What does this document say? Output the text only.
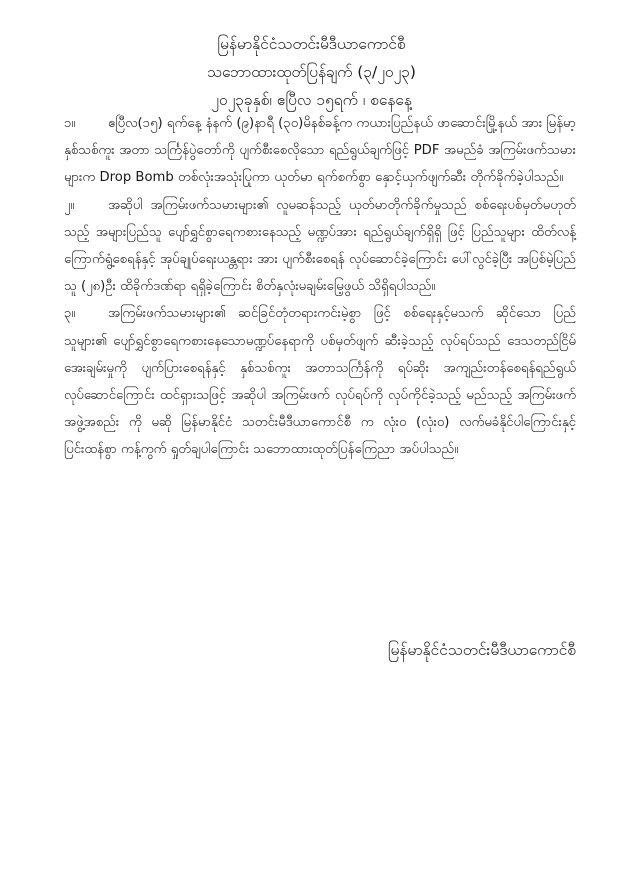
မြန်မာနိုင်ငံသတင်းမီဒီယာကောင်စီ
သဘောထားထုတ်ပြန်ချက် (၃/၂၀၂၃)
၂၀၂၃ခုနှစ်၊ ဧပြီလ ၁၅ရက် ၊ စနေနေ့

၁။ ဧပြီလ(၁၅) ရက်နေ့ နံနက် (၉)နာရီ (၃၀)မိနစ်ခန့်က ကယားပြည်နယ် ဖာဆောင်းမြို့နယ် အား မြန်မာ့နှစ်သစ်ကူး အတာ သင်္ကြန်ပွဲတော်ကို ပျက်စီးစေလိုသော ရည်ရွယ်ချက်ဖြင့် PDF အမည်ခံ အကြမ်းဖက်သမားများက Drop Bomb တစ်လုံးအသုံးပြုကာ ယုတ်မာ ရက်စက်စွာ နှောင့်ယှက်ဖျက်ဆီး တိုက်ခိုက်ခဲ့ပါသည်။

၂။	အဆိုပါ အကြမ်းဖက်သမားများ၏ လူမဆန်သည့် ယုတ်မာတိုက်ခိုက်မှုသည် စစ်ရေးပစ်မှတ်မဟုတ်သည့် အများပြည်သူ ပျော်ရွှင်စွာရေကစားနေသည့် မဏ္ဍပ်အား ရည်ရွယ်ချက်ရှိရှိ ဖြင့် ပြည်သူများ ထိတ်လန့် ကြောက်ရွံ့စေရန်နှင့် အုပ်ချုပ်ရေးယန္တရား အား ပျက်စီးစေရန် လုပ်ဆောင်ခဲ့ကြောင်း ပေါ်လွင်ခဲ့ပြီး အပြစ်မဲ့ပြည်သူ (၂၈)ဦး ထိခိုက်ဒဏ်ရာ ရရှိခဲ့ကြောင်း စိတ်နှလုံးမချမ်းမြေ့ဖွယ် သိရှိရပါသည်။

၃။ အကြမ်းဖက်သမားများ၏ ဆင်ခြင်တုံတရားကင်းမဲ့စွာ ဖြင့် စစ်ရေးနှင့်မသက် ဆိုင်သော ပြည်သူများ၏ ပျော်ရွှင်စွာရေကစားနေသောမဏ္ဍပ်နေရာကို ပစ်မှတ်ဖျက် ဆီးခဲ့သည့် လုပ်ရပ်သည် ဒေသတည်ငြိမ်အေးချမ်းမှုကို ပျက်ပြားစေရန်နှင့် နှစ်သစ်ကူး အတာသင်္ကြန်ကို ရပ်ဆိုး အကျည်းတန်စေရန်ရည်ရွယ်လုပ်ဆောင်ကြောင်း ထင်ရှားသဖြင့် အဆိုပါ အကြမ်းဖက် လုပ်ရပ်ကို လုပ်ကိုင်ခဲ့သည့် မည်သည့် အကြမ်းဖက်အဖွဲ့အစည်း ကို မဆို မြန်မာနိုင်ငံ သတင်းမီဒီယာကောင်စီ က လုံး၀ (လုံး၀) လက်မခံနိုင်ပါကြောင်းနှင့် ပြင်းထန်စွာ ကန့်ကွက် ရှုတ်ချပါကြောင်း သဘောထားထုတ်ပြန်ကြေညာ အပ်ပါသည်။

မြန်မာနိုင်ငံသတင်းမီဒီယာကောင်စီ
